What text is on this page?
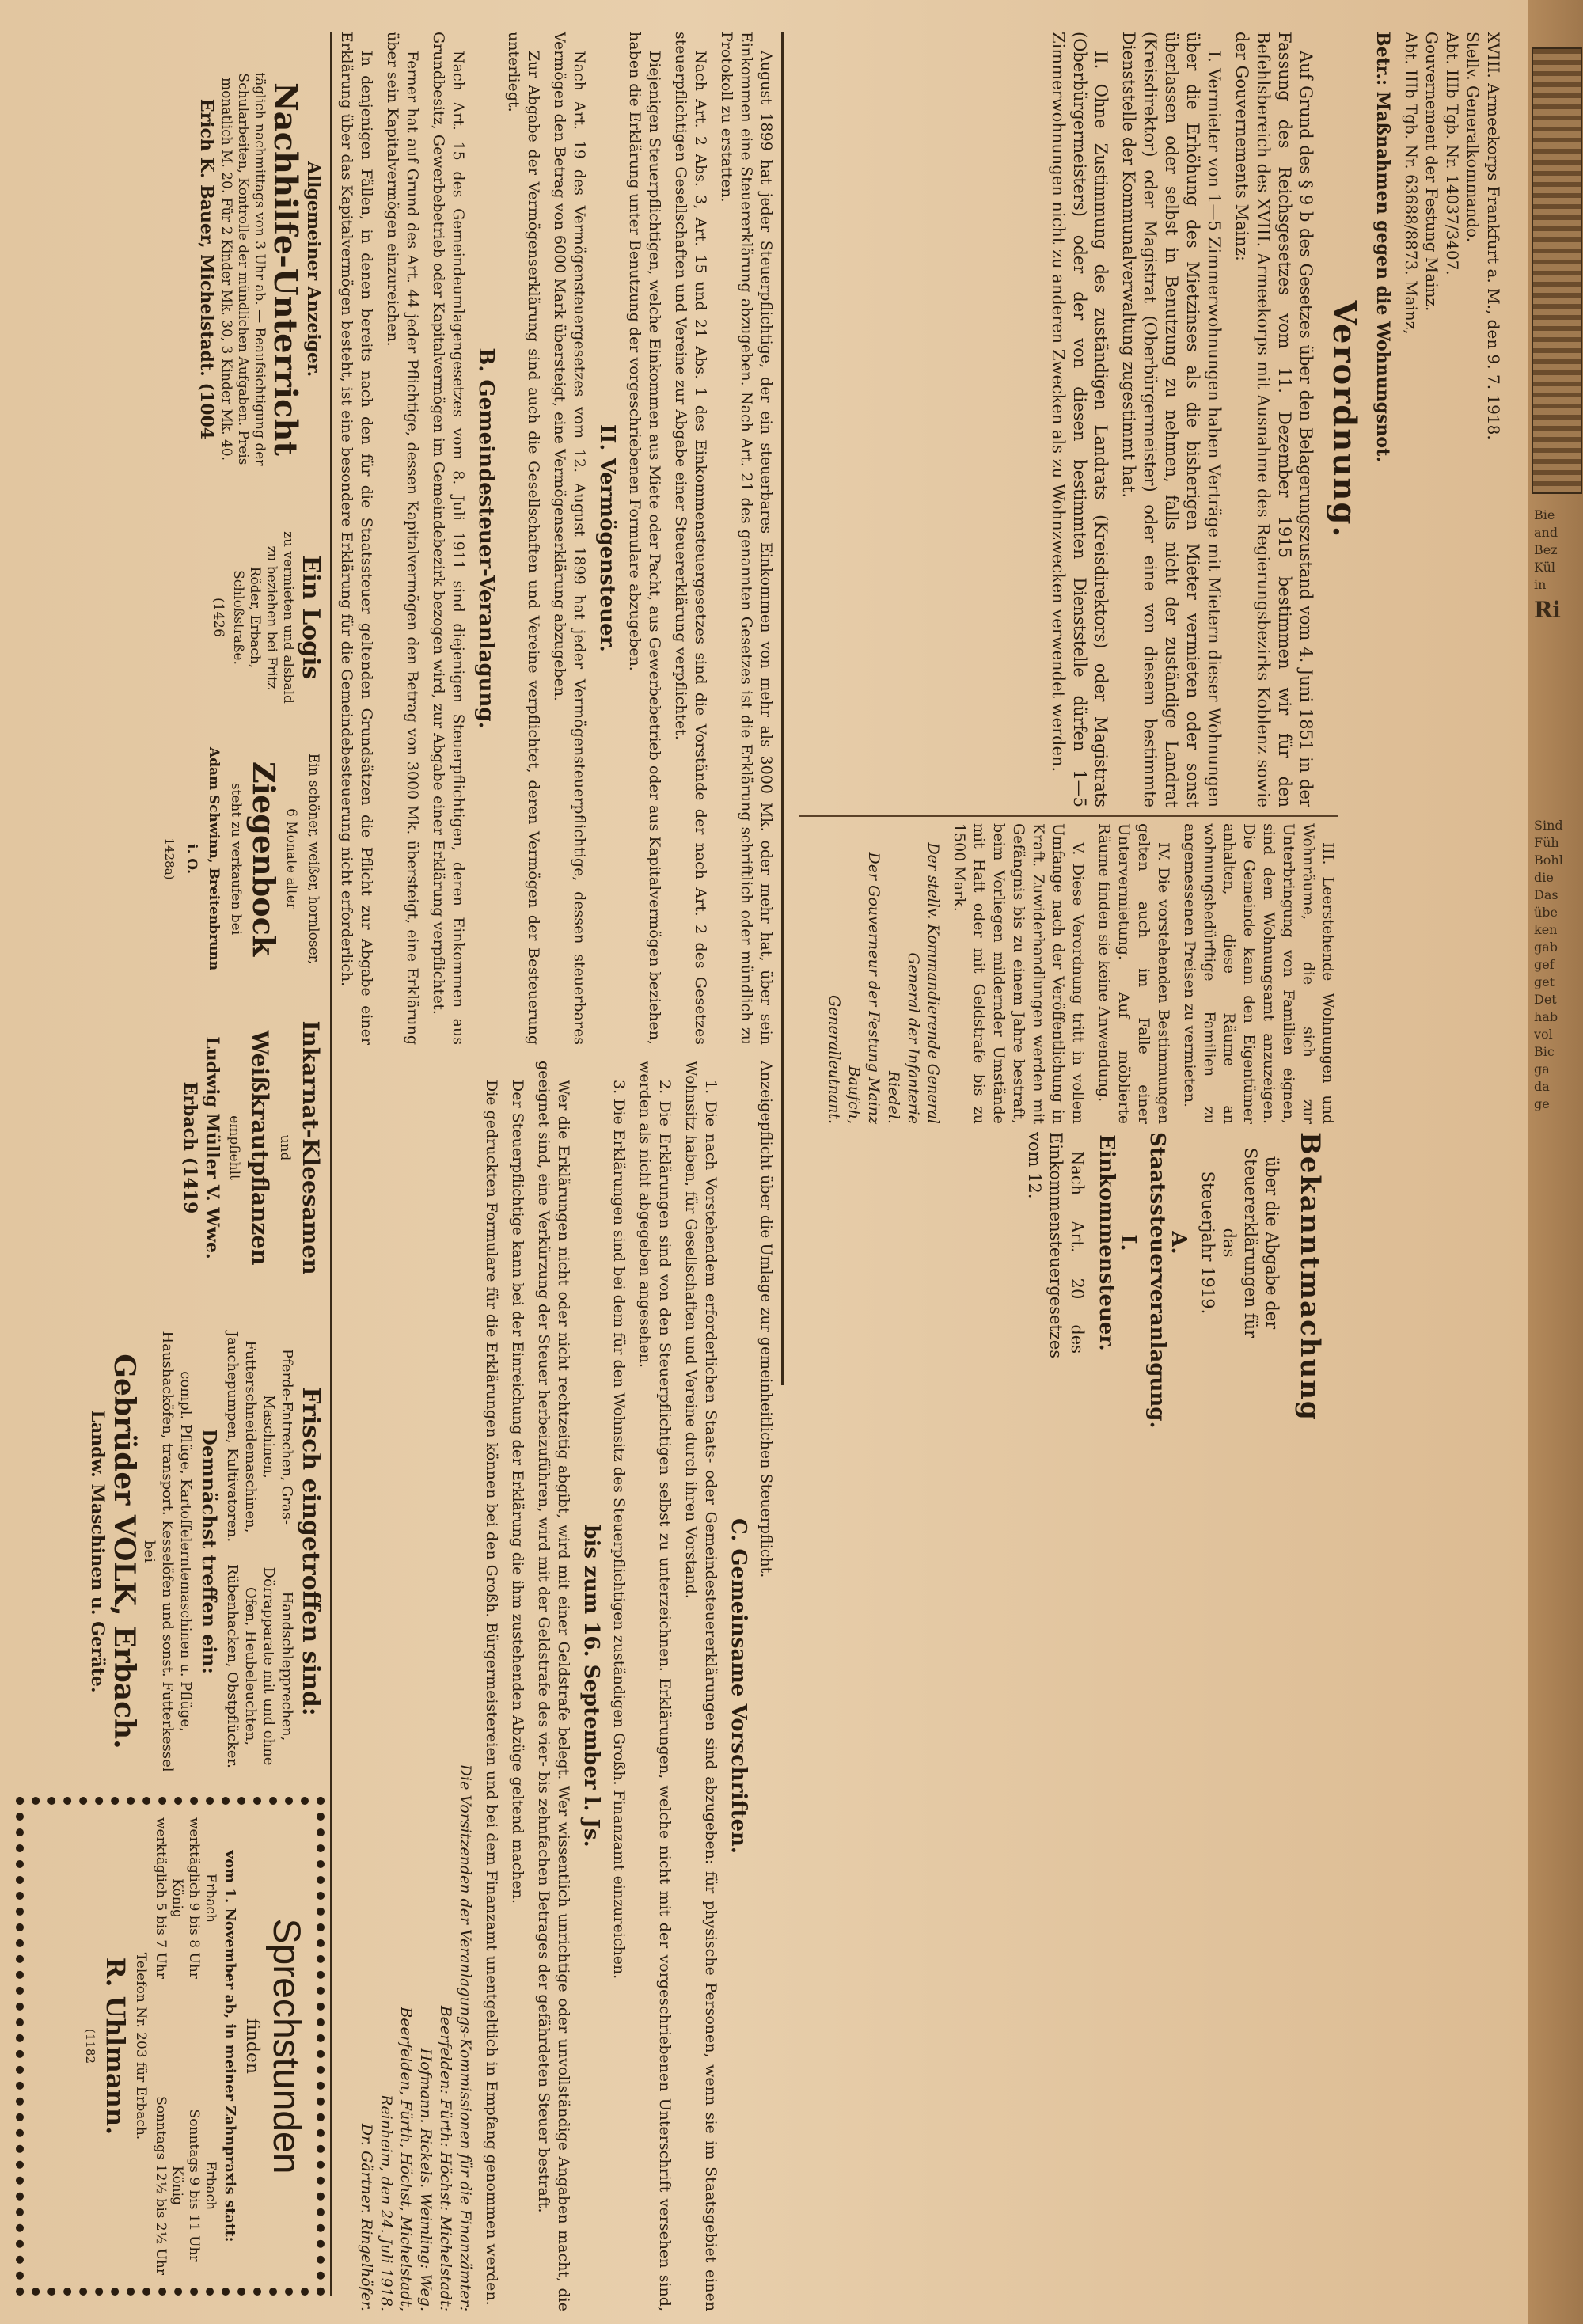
XVIII. Armeekorps Frankfurt a. M., den 9. 7. 1918.
Stellv. Generalkommando.
Abt. IIIb Tgb. Nr. 14037/3407.
Gouvernement der Festung Mainz.
Abt. IIIb Tgb. Nr. 63688/8873. Mainz,
Betr.: Maßnahmen gegen die Wohnungsnot.
Verordnung.

Auf Grund des § 9 b des Gesetzes über den Belagerungszustand vom 4. Juni 1851 in der Fassung des Reichsgesetzes vom 11. Dezember 1915 bestimmen wir für den Befehlsbereich des XVIII. Armeekorps mit Ausnahme des Regierungsbezirks Koblenz sowie der Gouvernements Mainz:

I. Vermieter von 1—5 Zimmerwohnungen haben Verträge mit Mietern dieser Wohnungen über die Erhöhung des Mietzinses als die bisherigen Mieter vermieten oder sonst überlassen oder selbst in Benutzung zu nehmen, falls nicht der zuständige Landrat (Kreisdirektor) oder Magistrat (Oberbürgermeister) oder eine von diesem bestimmte Dienststelle der Kommunalverwaltung zugestimmt hat.

II. Ohne Zustimmung des zuständigen Landrats (Kreisdirektors) oder Magistrats (Oberbürgermeisters) oder der von diesen bestimmten Dienststelle dürfen 1—5 Zimmerwohnungen nicht zu anderen Zwecken als zu Wohnzwecken verwendet werden.

III. Leerstehende Wohnungen und Wohnräume, die sich zur Unterbringung von Familien eignen, sind dem Wohnungsamt anzuzeigen. Die Gemeinde kann den Eigentümer anhalten, diese Räume an wohnungsbedürftige Familien zu angemessenen Preisen zu vermieten.

IV. Die vorstehenden Bestimmungen gelten auch im Falle einer Untervermietung. Auf möblierte Räume finden sie keine Anwendung.

V. Diese Verordnung tritt in vollem Umfange nach der Veröffentlichung in Kraft. Zuwiderhandlungen werden mit Gefängnis bis zu einem Jahre bestraft, beim Vorliegen mildernder Umstände mit Haft oder mit Geldstrafe bis zu 1500 Mark.

Der stellv. Kommandierende General
General der Infanterie
Riedel.
Der Gouverneur der Festung Mainz
Baufch,
Generalleutnant.
Bekanntmachung
über die Abgabe der Steuererklärungen für das
Steuerjahr 1919.
A. Staatssteuerveranlagung.
I. Einkommensteuer.

Nach Art. 20 des Einkommensteuergesetzes vom 12.

August 1899 hat jeder Steuerpflichtige, der ein steuerbares Einkommen von mehr als 3000 Mk. oder mehr hat, über sein Einkommen eine Steuererklärung abzugeben. Nach Art. 21 des genannten Gesetzes ist die Erklärung schriftlich oder mündlich zu Protokoll zu erstatten.

Nach Art. 2 Abs. 3, Art. 15 und 21 Abs. 1 des Einkommensteuergesetzes sind die Vorstände der nach Art. 2 des Gesetzes steuerpflichtigen Gesellschaften und Vereine zur Abgabe einer Steuererklärung verpflichtet.

Diejenigen Steuerpflichtigen, welche Einkommen aus Miete oder Pacht, aus Gewerbebetrieb oder aus Kapitalvermögen beziehen, haben die Erklärung unter Benutzung der vorgeschriebenen Formulare abzugeben.

II. Vermögensteuer.

Nach Art. 19 des Vermögensteuergesetzes vom 12. August 1899 hat jeder Vermögensteuerpflichtige, dessen steuerbares Vermögen den Betrag von 6000 Mark übersteigt, eine Vermögenserklärung abzugeben.

Zur Abgabe der Vermögenserklärung sind auch die Gesellschaften und Vereine verpflichtet, deren Vermögen der Besteuerung unterliegt.

B. Gemeindesteuer-Veranlagung.

Nach Art. 15 des Gemeindeumlagengesetzes vom 8. Juli 1911 sind diejenigen Steuerpflichtigen, deren Einkommen aus Grundbesitz, Gewerbebetrieb oder Kapitalvermögen im Gemeindebezirk bezogen wird, zur Abgabe einer Erklärung verpflichtet.

Ferner hat auf Grund des Art. 44 jeder Pflichtige, dessen Kapitalvermögen den Betrag von 3000 Mk. übersteigt, eine Erklärung über sein Kapitalvermögen einzureichen.

In denjenigen Fällen, in denen bereits nach den für die Staatssteuer geltenden Grundsätzen die Pflicht zur Abgabe einer Erklärung über das Kapitalvermögen besteht, ist eine besondere Erklärung für die Gemeindebesteuerung nicht erforderlich.

Anzeigepflicht über die Umlage zur gemeinheitlichen Steuerpflicht.
C. Gemeinsame Vorschriften.

1. Die nach Vorstehendem erforderlichen Staats- oder Gemeindesteuererklärungen sind abzugeben: für physische Personen, wenn sie im Staatsgebiet einen Wohnsitz haben, für Gesellschaften und Vereine durch ihren Vorstand.

2. Die Erklärungen sind von den Steuerpflichtigen selbst zu unterzeichnen. Erklärungen, welche nicht mit der vorgeschriebenen Unterschrift versehen sind, werden als nicht abgegeben angesehen.

3. Die Erklärungen sind bei dem für den Wohnsitz des Steuerpflichtigen zuständigen Großh. Finanzamt einzureichen.

bis zum 16. September l. Js.

Wer die Erklärungen nicht oder nicht rechtzeitig abgibt, wird mit einer Geldstrafe belegt. Wer wissentlich unrichtige oder unvollständige Angaben macht, die geeignet sind, eine Verkürzung der Steuer herbeizuführen, wird mit der Geldstrafe des vier- bis zehnfachen Betrages der gefährdeten Steuer bestraft.

Der Steuerpflichtige kann bei der Einreichung der Erklärung die ihm zustehenden Abzüge geltend machen.

Die gedruckten Formulare für die Erklärungen können bei den Großh. Bürgermeistereien und bei dem Finanzamt unentgeltlich in Empfang genommen werden.

Die Vorsitzenden der Veranlagungs-Kommissionen für die Finanzämter:
Beerfelden: Fürth: Höchst: Michelstadt:
Hofmann. Rickels. Weimling: Weg.
Beerfelden, Fürth, Höchst, Michelstadt,
Reinheim, den 24. Juli 1918.
Dr. Gärtner. Ringelhöfer.
Allgemeiner Anzeiger.
Nachhilfe-Unterricht
täglich nachmittags von 3 Uhr ab. — Beaufsichtigung der Schularbeiten, Kontrolle der mündlichen Aufgaben. Preis monatlich M. 20. Für 2 Kinder Mk. 30, 3 Kinder Mk. 40.
Erich K. Bauer, Michelstadt. (1004
Ein Logis
zu vermieten und alsbald zu beziehen bei Fritz Röder, Erbach, Schloßstraße.
(1426
Ein schöner, weißer, hornloser,
6 Monate alter
Ziegenbock
steht zu verkaufen bei
Adam Schwinn, Breitenbrunn i. O.
1428a)
Inkarnat-Kleesamen
und
Weißkrautpflanzen
empfiehlt
Ludwig Müller V. Wwe. Erbach (1419
Frisch eingetroffen sind:
Pferde-Entrechen, Gras-Maschinen, Futterschneidemaschinen, Jauchepumpen, Kultivatoren.
Handschlepprechen, Dörrapparate mit und ohne Ofen, Heubeleuchten, Rübenhacken, Obstpflücker.
Demnächst treffen ein:
compl. Pflüge, Kartoffelerntemaschinen u. Pflüge, Haushacköfen, transport. Kesselöfen und sonst. Futterkessel bei
Gebrüder VOLK, Erbach.
Landw. Maschinen u. Geräte.
Sprechstunden
finden
vom 1. November ab, in meiner Zahnpraxis statt:
Erbach
werktäglich 9 bis 8 Uhr
König
werktäglich 5 bis 7 Uhr
Erbach
Sonntags 9 bis 11 Uhr
König
Sonntags 12½ bis 2½ Uhr
Telefon Nr. 203 für Erbach.
R. Uhlmann.
(1182
Bie
and
Bez
Kül
in
Ri
Sind
Füh
Bohl
die
Das
übe
ken
gab
gef
get
Det
hab
vol
Bic
ga
da
ge
